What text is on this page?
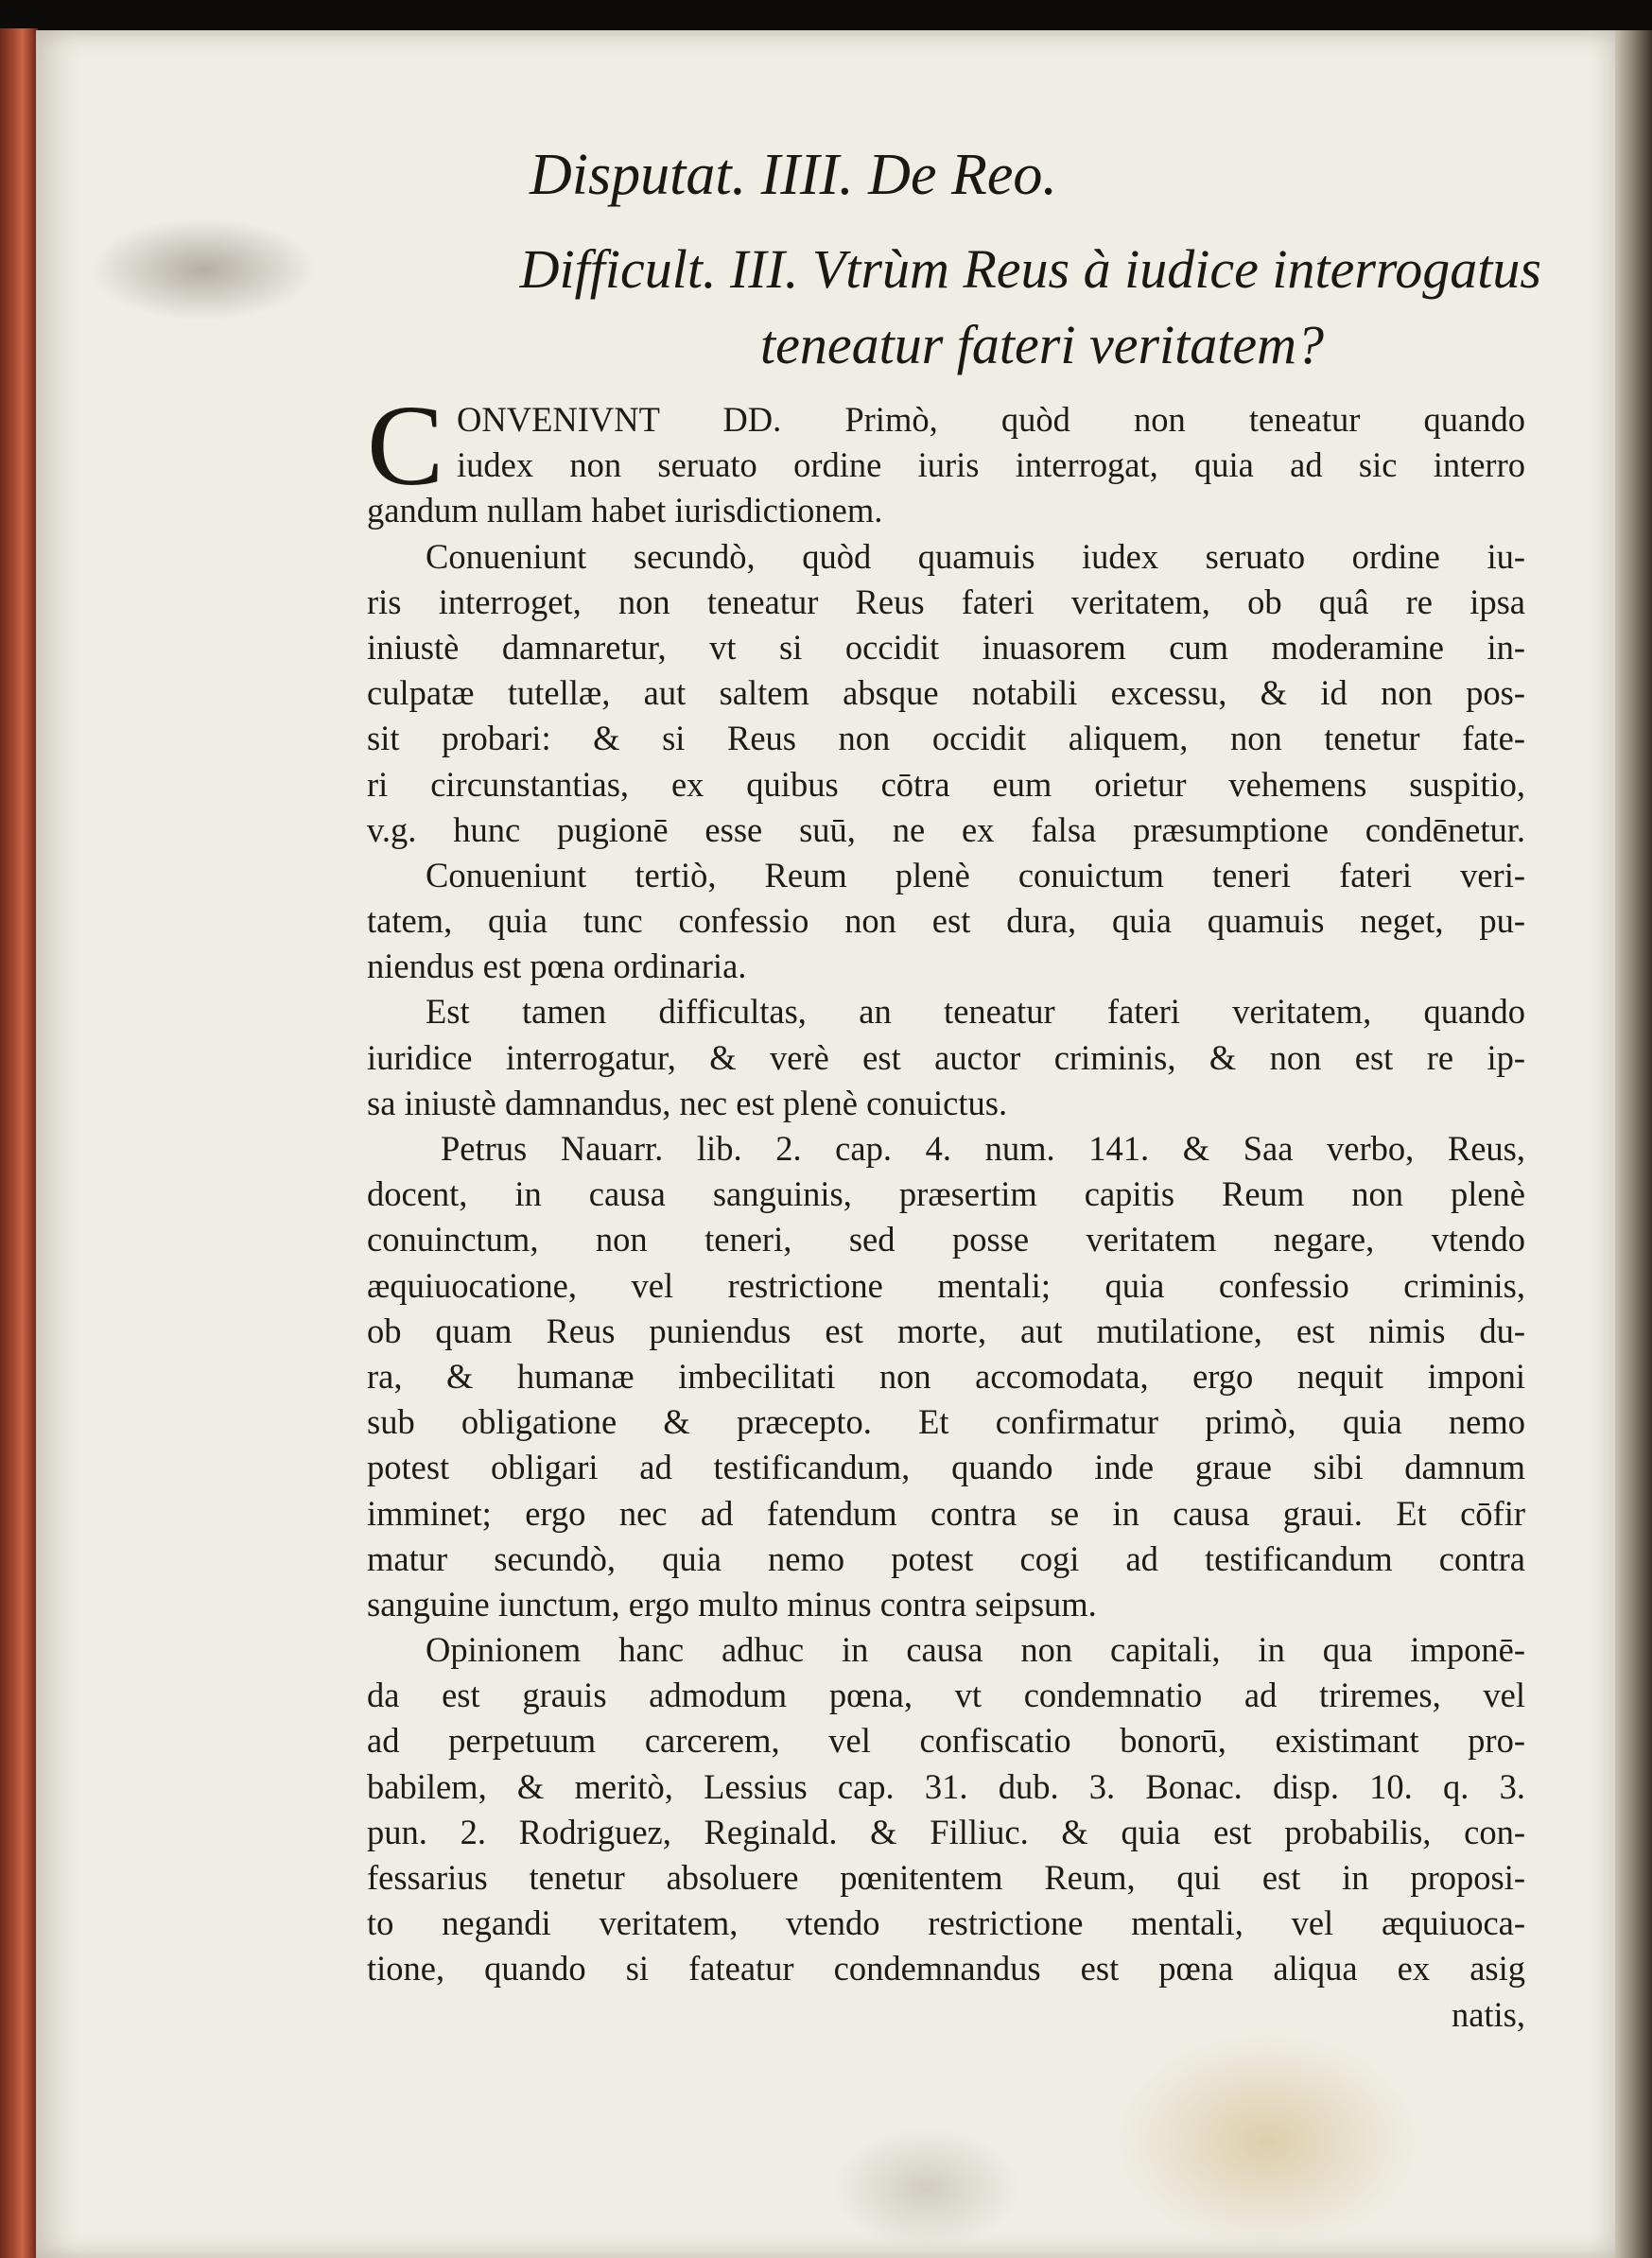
Disputat. IIII. De Reo.
Difficult. III. Vtrùm Reus à iudice interrogatus
teneatur fateri veritatem?
C ONVENIVNT DD. Primò, quòd non teneatur quando
iudex non seruato ordine iuris interrogat, quia ad sic interro
gandum nullam habet iurisdictionem.
Conueniunt secundò, quòd quamuis iudex seruato ordine iu-
ris interroget, non teneatur Reus fateri veritatem, ob quâ re ipsa
iniustè damnaretur, vt si occidit inuasorem cum moderamine in-
culpatæ tutellæ, aut saltem absque notabili excessu, & id non pos-
sit probari: & si Reus non occidit aliquem, non tenetur fate-
ri circunstantias, ex quibus cōtra eum orietur vehemens suspitio,
v.g. hunc pugionē esse suū, ne ex falsa præsumptione condēnetur.
Conueniunt tertiò, Reum plenè conuictum teneri fateri veri-
tatem, quia tunc confessio non est dura, quia quamuis neget, pu-
niendus est pœna ordinaria.
Est tamen difficultas, an teneatur fateri veritatem, quando
iuridice interrogatur, & verè est auctor criminis, & non est re ip-
sa iniustè damnandus, nec est plenè conuictus.
Petrus Nauarr. lib. 2. cap. 4. num. 141. & Saa verbo, Reus,
docent, in causa sanguinis, præsertim capitis Reum non plenè
conuinctum, non teneri, sed posse veritatem negare, vtendo
æquiuocatione, vel restrictione mentali; quia confessio criminis,
ob quam Reus puniendus est morte, aut mutilatione, est nimis du-
ra, & humanæ imbecilitati non accomodata, ergo nequit imponi
sub obligatione & præcepto. Et confirmatur primò, quia nemo
potest obligari ad testificandum, quando inde graue sibi damnum
imminet; ergo nec ad fatendum contra se in causa graui. Et cōfir
matur secundò, quia nemo potest cogi ad testificandum contra
sanguine iunctum, ergo multo minus contra seipsum.
Opinionem hanc adhuc in causa non capitali, in qua imponē-
da est grauis admodum pœna, vt condemnatio ad triremes, vel
ad perpetuum carcerem, vel confiscatio bonorū, existimant pro-
babilem, & meritò, Lessius cap. 31. dub. 3. Bonac. disp. 10. q. 3.
pun. 2. Rodriguez, Reginald. & Filliuc. & quia est probabilis, con-
fessarius tenetur absoluere pœnitentem Reum, qui est in proposi-
to negandi veritatem, vtendo restrictione mentali, vel æquiuoca-
tione, quando si fateatur condemnandus est pœna aliqua ex asig
natis,
